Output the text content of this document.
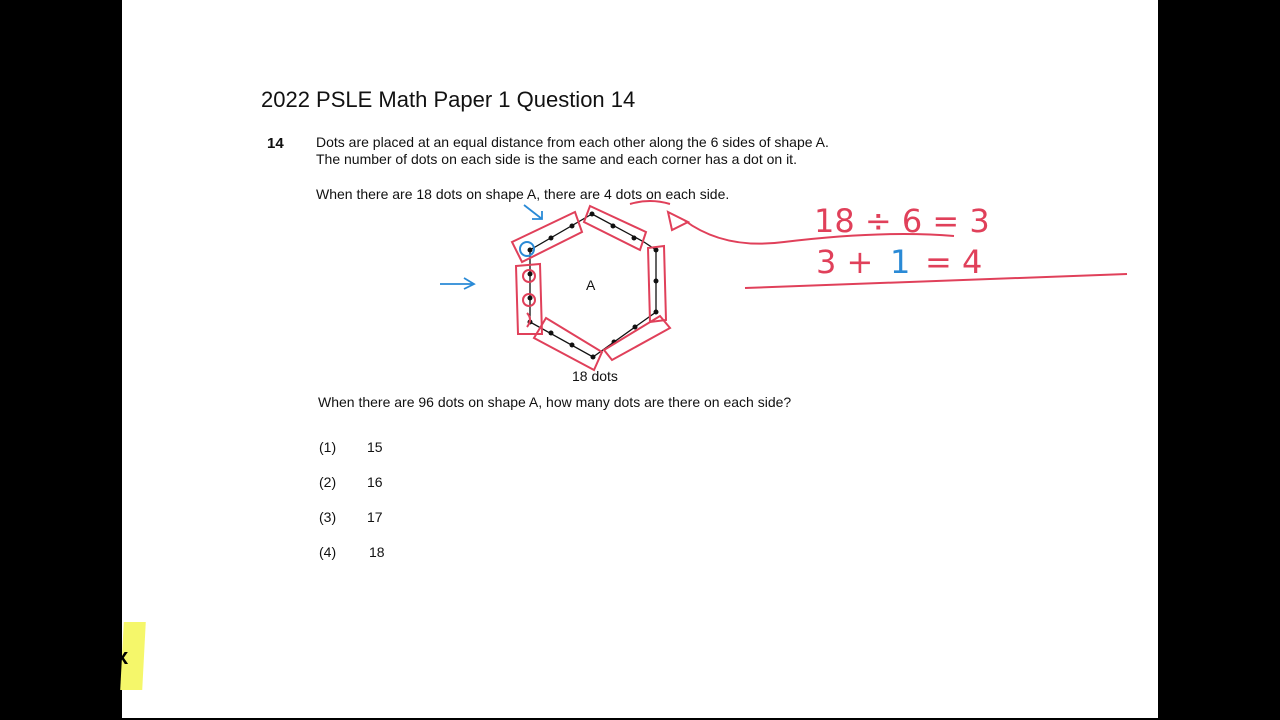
2022 PSLE Math Paper 1 Question 14
14 Dots are placed at an equal distance from each other along the 6 sides of shape A.
The number of dots on each side is the same and each corner has a dot on it.
When there are 18 dots on shape A, there are 4 dots on each side.
A
18 dots
When there are 96 dots on shape A, how many dots are there on each side?
(1) 15
(2) 16
(3) 17
(4) 18
18 ÷ 6 = 3
3 + 1 = 4
x
